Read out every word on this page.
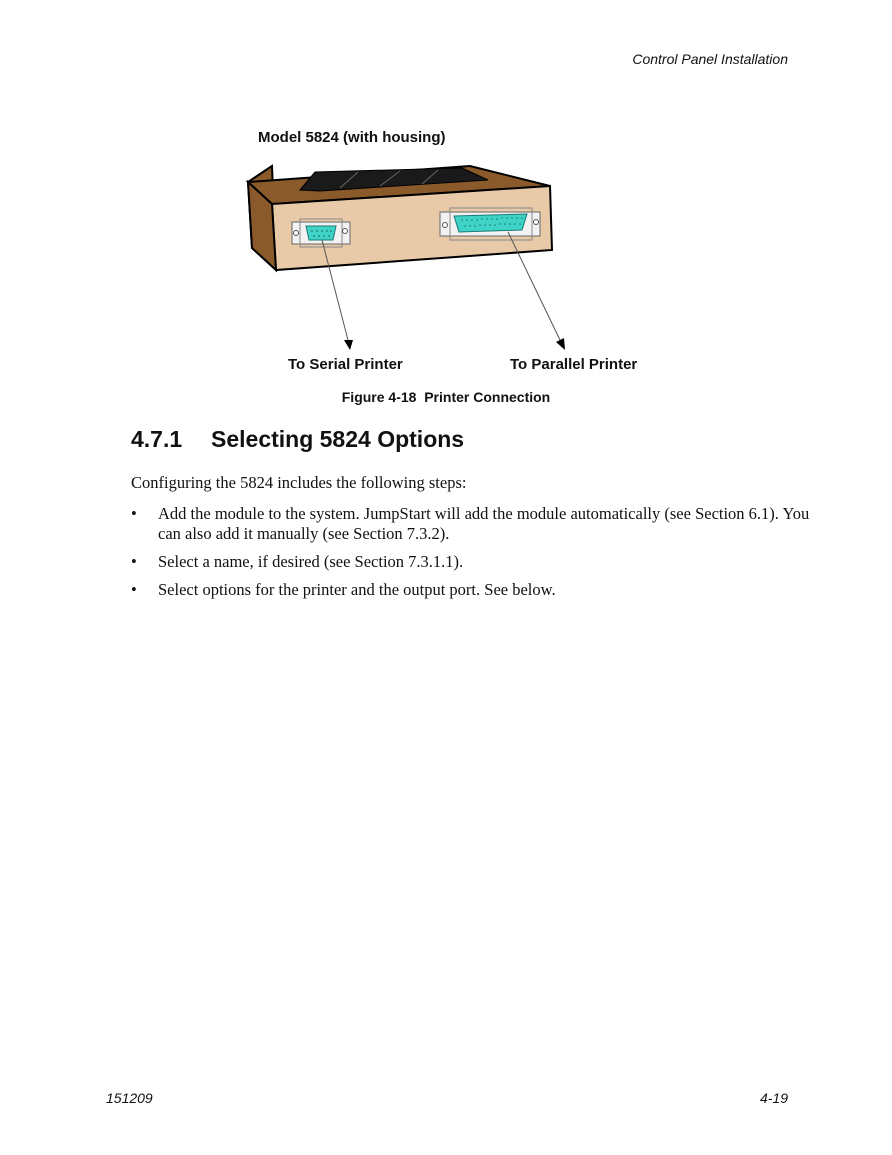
Control Panel Installation
Model 5824 (with housing)
To Serial Printer	To Parallel Printer
Figure 4-18  Printer Connection
4.7.1 Selecting 5824 Options
Configuring the 5824 includes the following steps:
• Add the module to the system. JumpStart will add the module automatically (see Section 6.1). You can also add it manually (see Section 7.3.2).
• Select a name, if desired (see Section 7.3.1.1).
• Select options for the printer and the output port. See below.
151209	4-19
